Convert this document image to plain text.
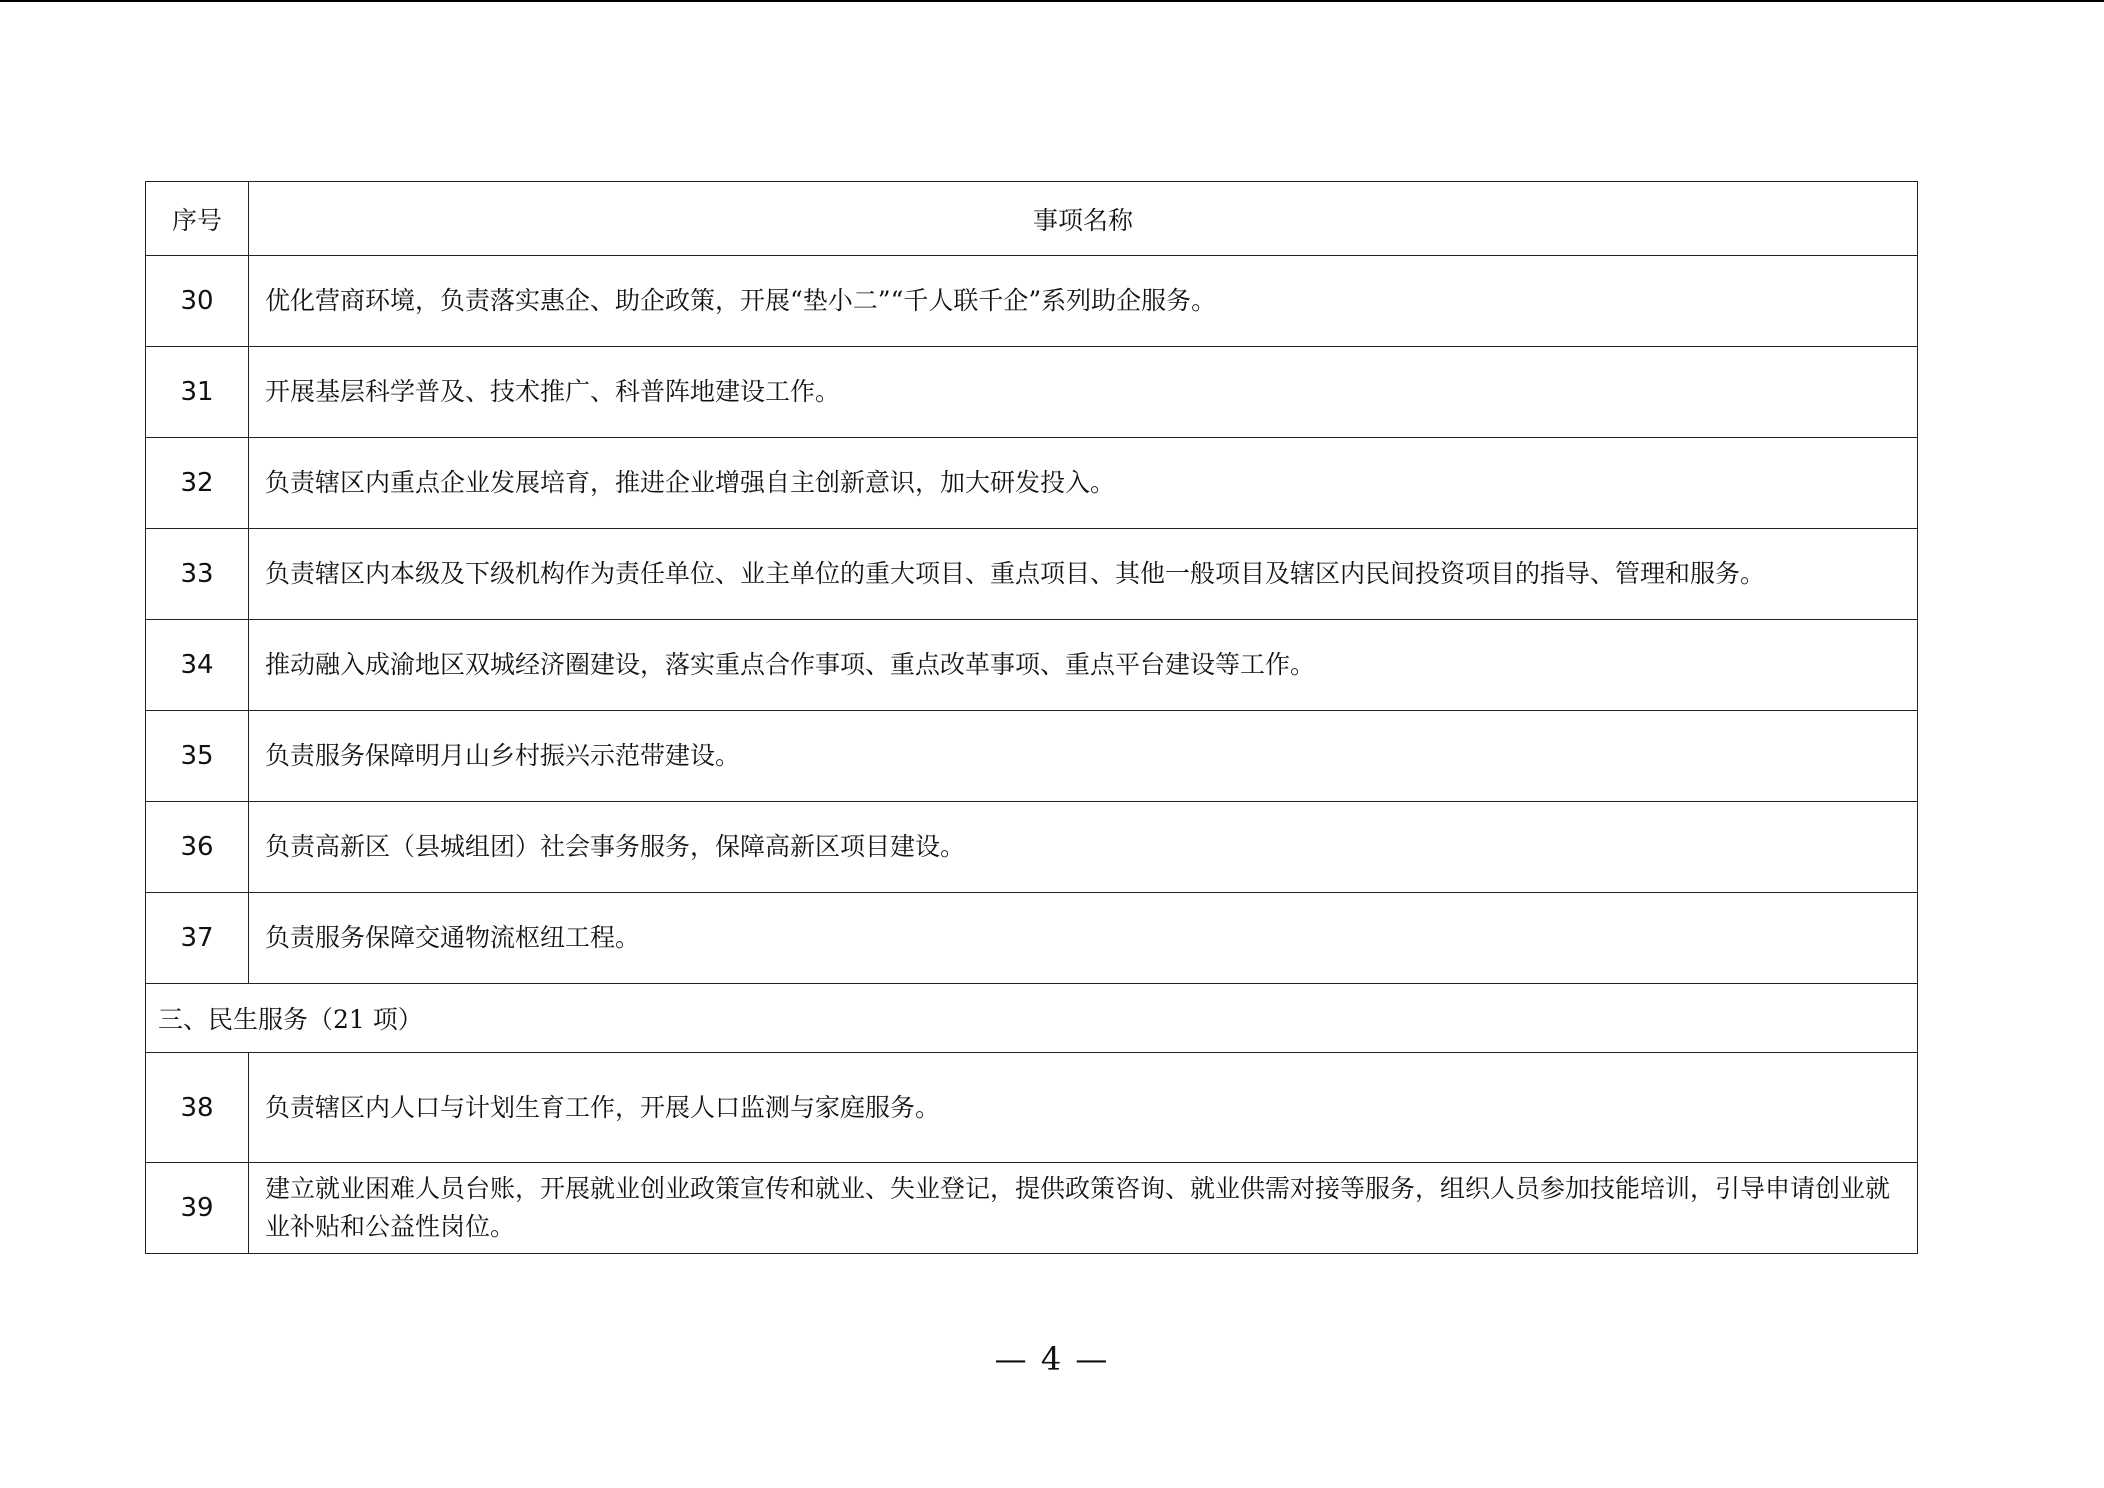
序号	事项名称
30	优化营商环境，负责落实惠企、助企政策，开展“垫小二”“千人联千企”系列助企服务。
31	开展基层科学普及、技术推广、科普阵地建设工作。
32	负责辖区内重点企业发展培育，推进企业增强自主创新意识，加大研发投入。
33	负责辖区内本级及下级机构作为责任单位、业主单位的重大项目、重点项目、其他一般项目及辖区内民间投资项目的指导、管理和服务。
34	推动融入成渝地区双城经济圈建设，落实重点合作事项、重点改革事项、重点平台建设等工作。
35	负责服务保障明月山乡村振兴示范带建设。
36	负责高新区（县城组团）社会事务服务，保障高新区项目建设。
37	负责服务保障交通物流枢纽工程。
三、民生服务（21 项）	
38	负责辖区内人口与计划生育工作，开展人口监测与家庭服务。
39	建立就业困难人员台账，开展就业创业政策宣传和就业、失业登记，提供政策咨询、就业供需对接等服务，组织人员参加技能培训，引导申请创业就业补贴和公益性岗位。
— 4 —
